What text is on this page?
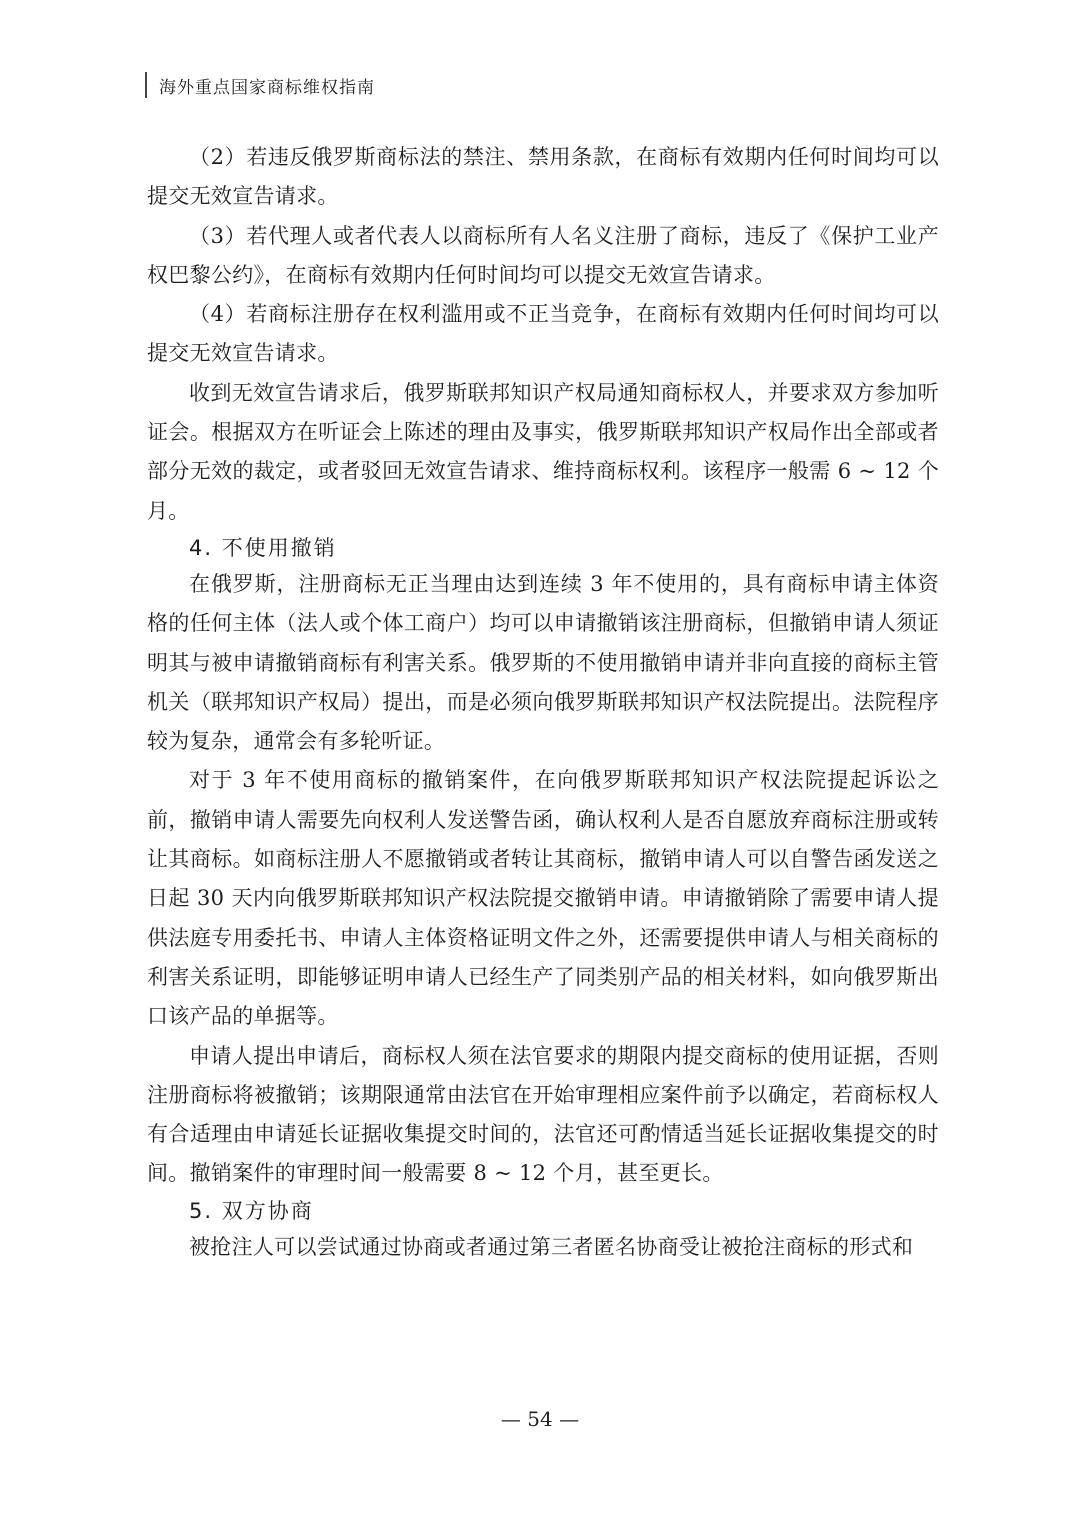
海外重点国家商标维权指南

（2）若违反俄罗斯商标法的禁注、禁用条款，在商标有效期内任何时间均可以提交无效宣告请求。

（3）若代理人或者代表人以商标所有人名义注册了商标，违反了《保护工业产权巴黎公约》，在商标有效期内任何时间均可以提交无效宣告请求。

（4）若商标注册存在权利滥用或不正当竞争，在商标有效期内任何时间均可以提交无效宣告请求。

收到无效宣告请求后，俄罗斯联邦知识产权局通知商标权人，并要求双方参加听证会。根据双方在听证会上陈述的理由及事实，俄罗斯联邦知识产权局作出全部或者部分无效的裁定，或者驳回无效宣告请求、维持商标权利。该程序一般需 6 ~ 12 个月。

4. 不使用撤销

在俄罗斯，注册商标无正当理由达到连续 3 年不使用的，具有商标申请主体资格的任何主体（法人或个体工商户）均可以申请撤销该注册商标，但撤销申请人须证明其与被申请撤销商标有利害关系。俄罗斯的不使用撤销申请并非向直接的商标主管机关（联邦知识产权局）提出，而是必须向俄罗斯联邦知识产权法院提出。法院程序较为复杂，通常会有多轮听证。

对于 3 年不使用商标的撤销案件，在向俄罗斯联邦知识产权法院提起诉讼之前，撤销申请人需要先向权利人发送警告函，确认权利人是否自愿放弃商标注册或转让其商标。如商标注册人不愿撤销或者转让其商标，撤销申请人可以自警告函发送之日起 30 天内向俄罗斯联邦知识产权法院提交撤销申请。申请撤销除了需要申请人提供法庭专用委托书、申请人主体资格证明文件之外，还需要提供申请人与相关商标的利害关系证明，即能够证明申请人已经生产了同类别产品的相关材料，如向俄罗斯出口该产品的单据等。

申请人提出申请后，商标权人须在法官要求的期限内提交商标的使用证据，否则注册商标将被撤销；该期限通常由法官在开始审理相应案件前予以确定，若商标权人有合适理由申请延长证据收集提交时间的，法官还可酌情适当延长证据收集提交的时间。撤销案件的审理时间一般需要 8 ~ 12 个月，甚至更长。

5. 双方协商

被抢注人可以尝试通过协商或者通过第三者匿名协商受让被抢注商标的形式和

— 54 —
